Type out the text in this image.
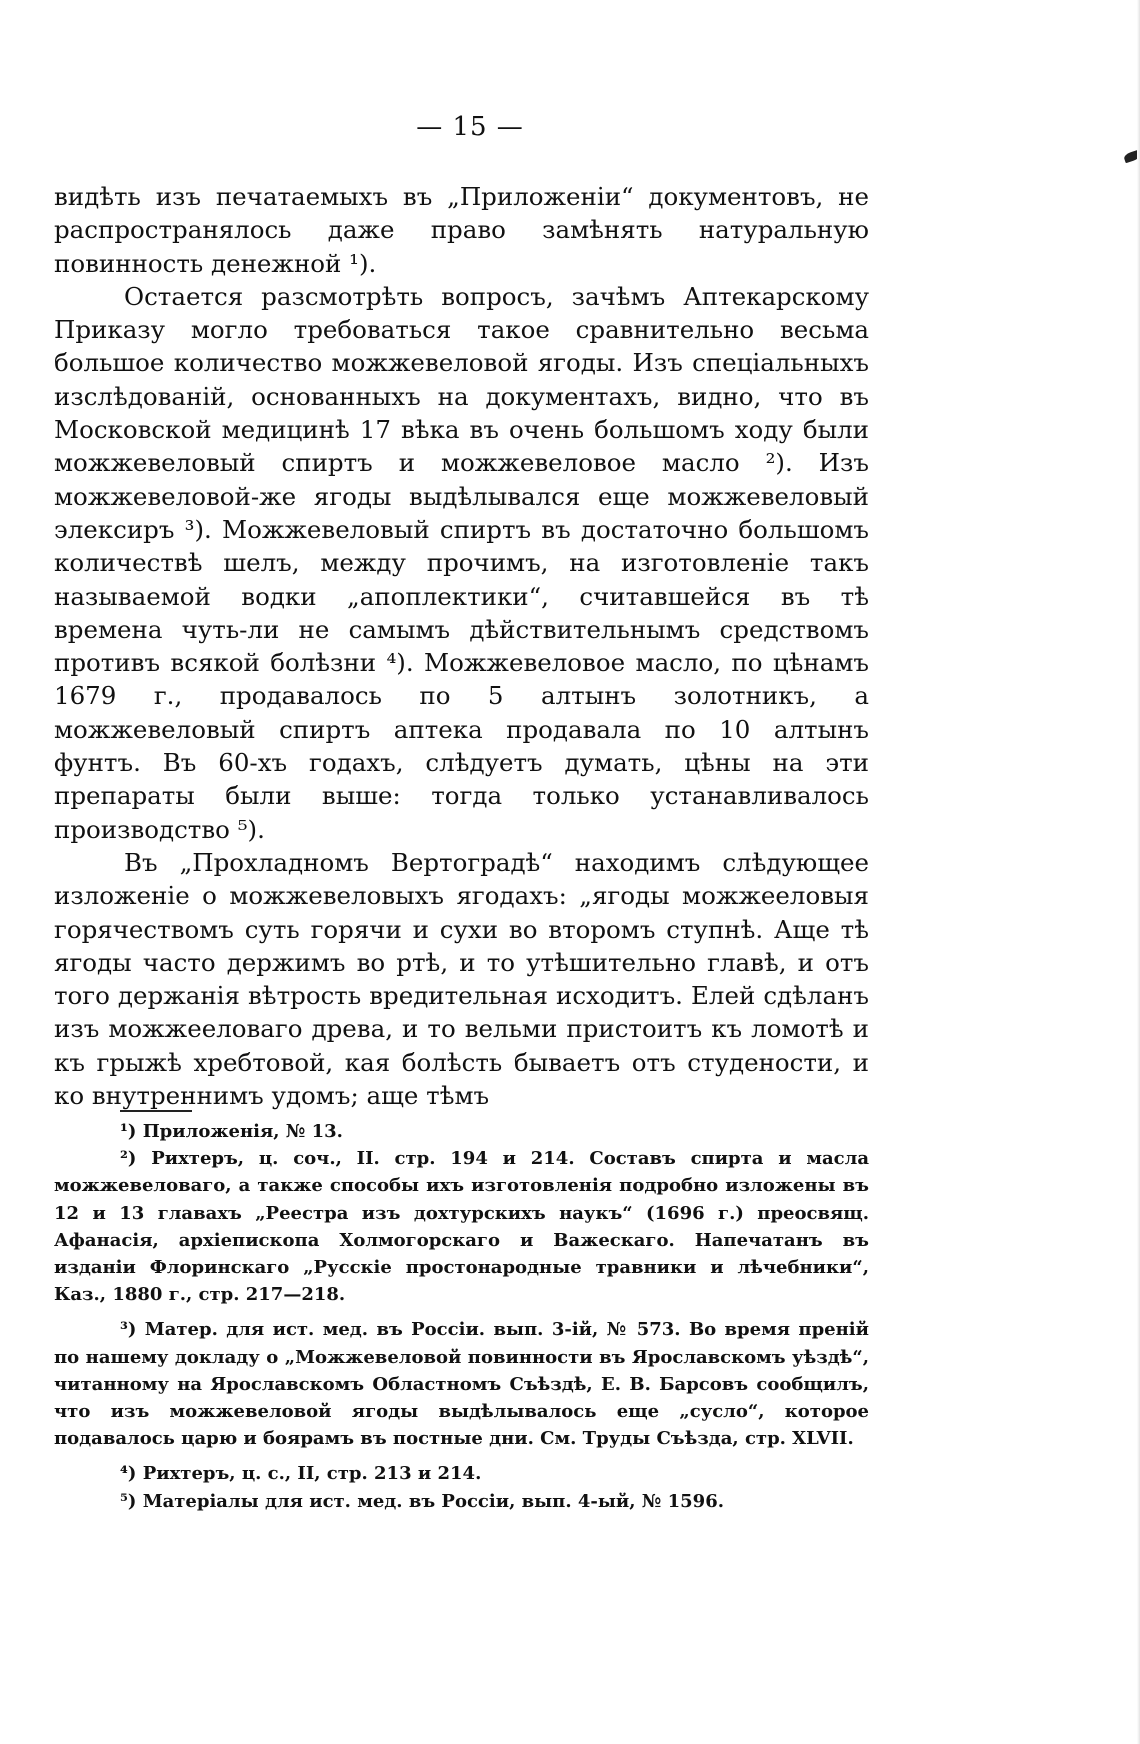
— 15 —

видѣть изъ печатаемыхъ въ „Приложеніи“ документовъ, не распространялось даже право замѣнять натуральную повинность денежной ¹).

Остается разсмотрѣть вопросъ, зачѣмъ Аптекарскому Приказу могло требоваться такое сравнительно весьма большое количество можжевеловой ягоды. Изъ спеціальныхъ изслѣдованій, основанныхъ на документахъ, видно, что въ Московской медицинѣ 17 вѣка въ очень большомъ ходу были можжевеловый спиртъ и можжевеловое масло ²). Изъ можжевеловой-же ягоды выдѣлывался еще можжевеловый элексиръ ³). Можжевеловый спиртъ въ достаточно большомъ количествѣ шелъ, между прочимъ, на изготовленіе такъ называемой водки „апоплектики“, считавшейся въ тѣ времена чуть-ли не самымъ дѣйствительнымъ средствомъ противъ всякой болѣзни ⁴). Можжевеловое масло, по цѣнамъ 1679 г., продавалось по 5 алтынъ золотникъ, а можжевеловый спиртъ аптека продавала по 10 алтынъ фунтъ. Въ 60-хъ годахъ, слѣдуетъ думать, цѣны на эти препараты были выше: тогда только устанавливалось производство ⁵).

Въ „Прохладномъ Вертоградѣ“ находимъ слѣдующее изложеніе о можжевеловыхъ ягодахъ: „ягоды можжееловыя горячествомъ суть горячи и сухи во второмъ ступнѣ. Аще тѣ ягоды часто держимъ во ртѣ, и то утѣшительно главѣ, и отъ того держанія вѣтрость вредительная исходитъ. Елей сдѣланъ изъ можжееловаго древа, и то вельми пристоитъ къ ломотѣ и къ грыжѣ хребтовой, кая болѣсть бываетъ отъ студености, и ко внутреннимъ удомъ; аще тѣмъ

¹) Приложенія, № 13.

²) Рихтеръ, ц. соч., II. стр. 194 и 214. Составъ спирта и масла можжевеловаго, а также способы ихъ изготовленія подробно изложены въ 12 и 13 главахъ „Реестра изъ дохтурскихъ наукъ“ (1696 г.) преосвящ. Афанасія, архіепископа Холмогорскаго и Важескаго. Напечатанъ въ изданіи Флоринскаго „Русскіе простонародные травники и лѣчебники“, Каз., 1880 г., стр. 217—218.

³) Матер. для ист. мед. въ Россіи. вып. 3-ій, № 573. Во время преній по нашему докладу о „Можжевеловой повинности въ Ярославскомъ уѣздѣ“, читанному на Ярославскомъ Областномъ Съѣздѣ, Е. В. Барсовъ сообщилъ, что изъ можжевеловой ягоды выдѣлывалось еще „сусло“, которое подавалось царю и боярамъ въ постные дни. См. Труды Съѣзда, стр. XLVII.

⁴) Рихтеръ, ц. с., II, стр. 213 и 214.

⁵) Матеріалы для ист. мед. въ Россіи, вып. 4-ый, № 1596.
